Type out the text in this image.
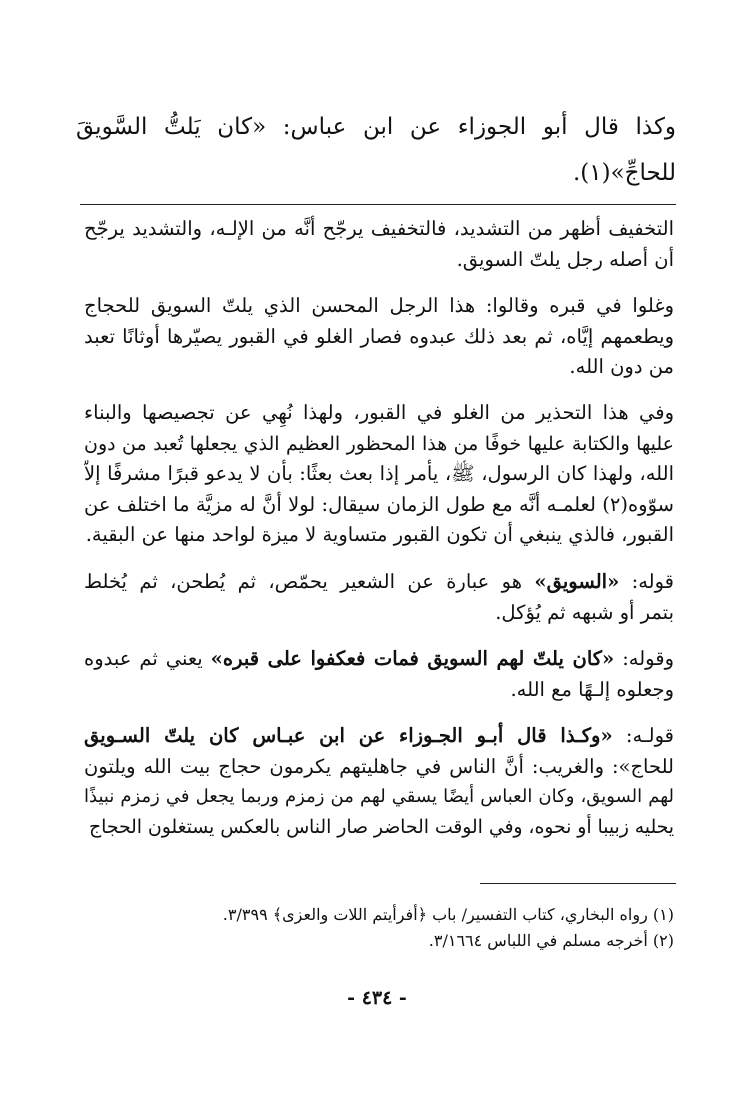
وكذا قال أبو الجوزاء عن ابن عباس: «كان يَلتُّ السَّويقَ
للحاجِّ»(١).
التخفيف أظهر من التشديد، فالتخفيف يرجّح أنَّه من الإلـه، والتشديد يرجّح
أن أصله رجل يلتّ السويق.
وغلوا في قبره وقالوا: هذا الرجل المحسن الذي يلتّ السويق للحجاج
ويطعمهم إيَّاه، ثم بعد ذلك عبدوه فصار الغلو في القبور يصيّرها أوثانًا تعبد
من دون الله.
وفي هذا التحذير من الغلو في القبور، ولهذا نُهِي عن تجصيصها والبناء
عليها والكتابة عليها خوفًا من هذا المحظور العظيم الذي يجعلها تُعبد من دون
الله، ولهذا كان الرسول، ﷺ، يأمر إذا بعث بعثًا: بأن لا يدعو قبرًا مشرفًا إلاّ
سوّوه(٢) لعلمـه أنَّه مع طول الزمان سيقال: لولا أنَّ له مزيَّة ما اختلف عن
القبور، فالذي ينبغي أن تكون القبور متساوية لا ميزة لواحد منها عن البقية.
قوله: «السويق» هو عبارة عن الشعير يحمّص، ثم يُطحن، ثم يُخلط
بتمر أو شبهه ثم يُؤكل.
وقوله: «كان يلتّ لهم السويق فمات فعكفوا على قبره» يعني ثم عبدوه
وجعلوه إلـهًا مع الله.
قولـه: «وكـذا قال أبـو الجـوزاء عن ابن عبـاس كان يلتّ السـويق
للحاج»: والغريب: أنَّ الناس في جاهليتهم يكرمون حجاج بيت الله ويلتون
لهم السويق، وكان العباس أيضًا يسقي لهم من زمزم وربما يجعل في زمزم نبيذًا
يحليه زبيبا أو نحوه، وفي الوقت الحاضر صار الناس بالعكس يستغلون الحجاج
(١) رواه البخاري، كتاب التفسير/ باب ﴿أفرأيتم اللات والعزى﴾ ٣/٣٩٩.
(٢) أخرجه مسلم في اللباس ٣/١٦٦٤.
- ٤٣٤ -
